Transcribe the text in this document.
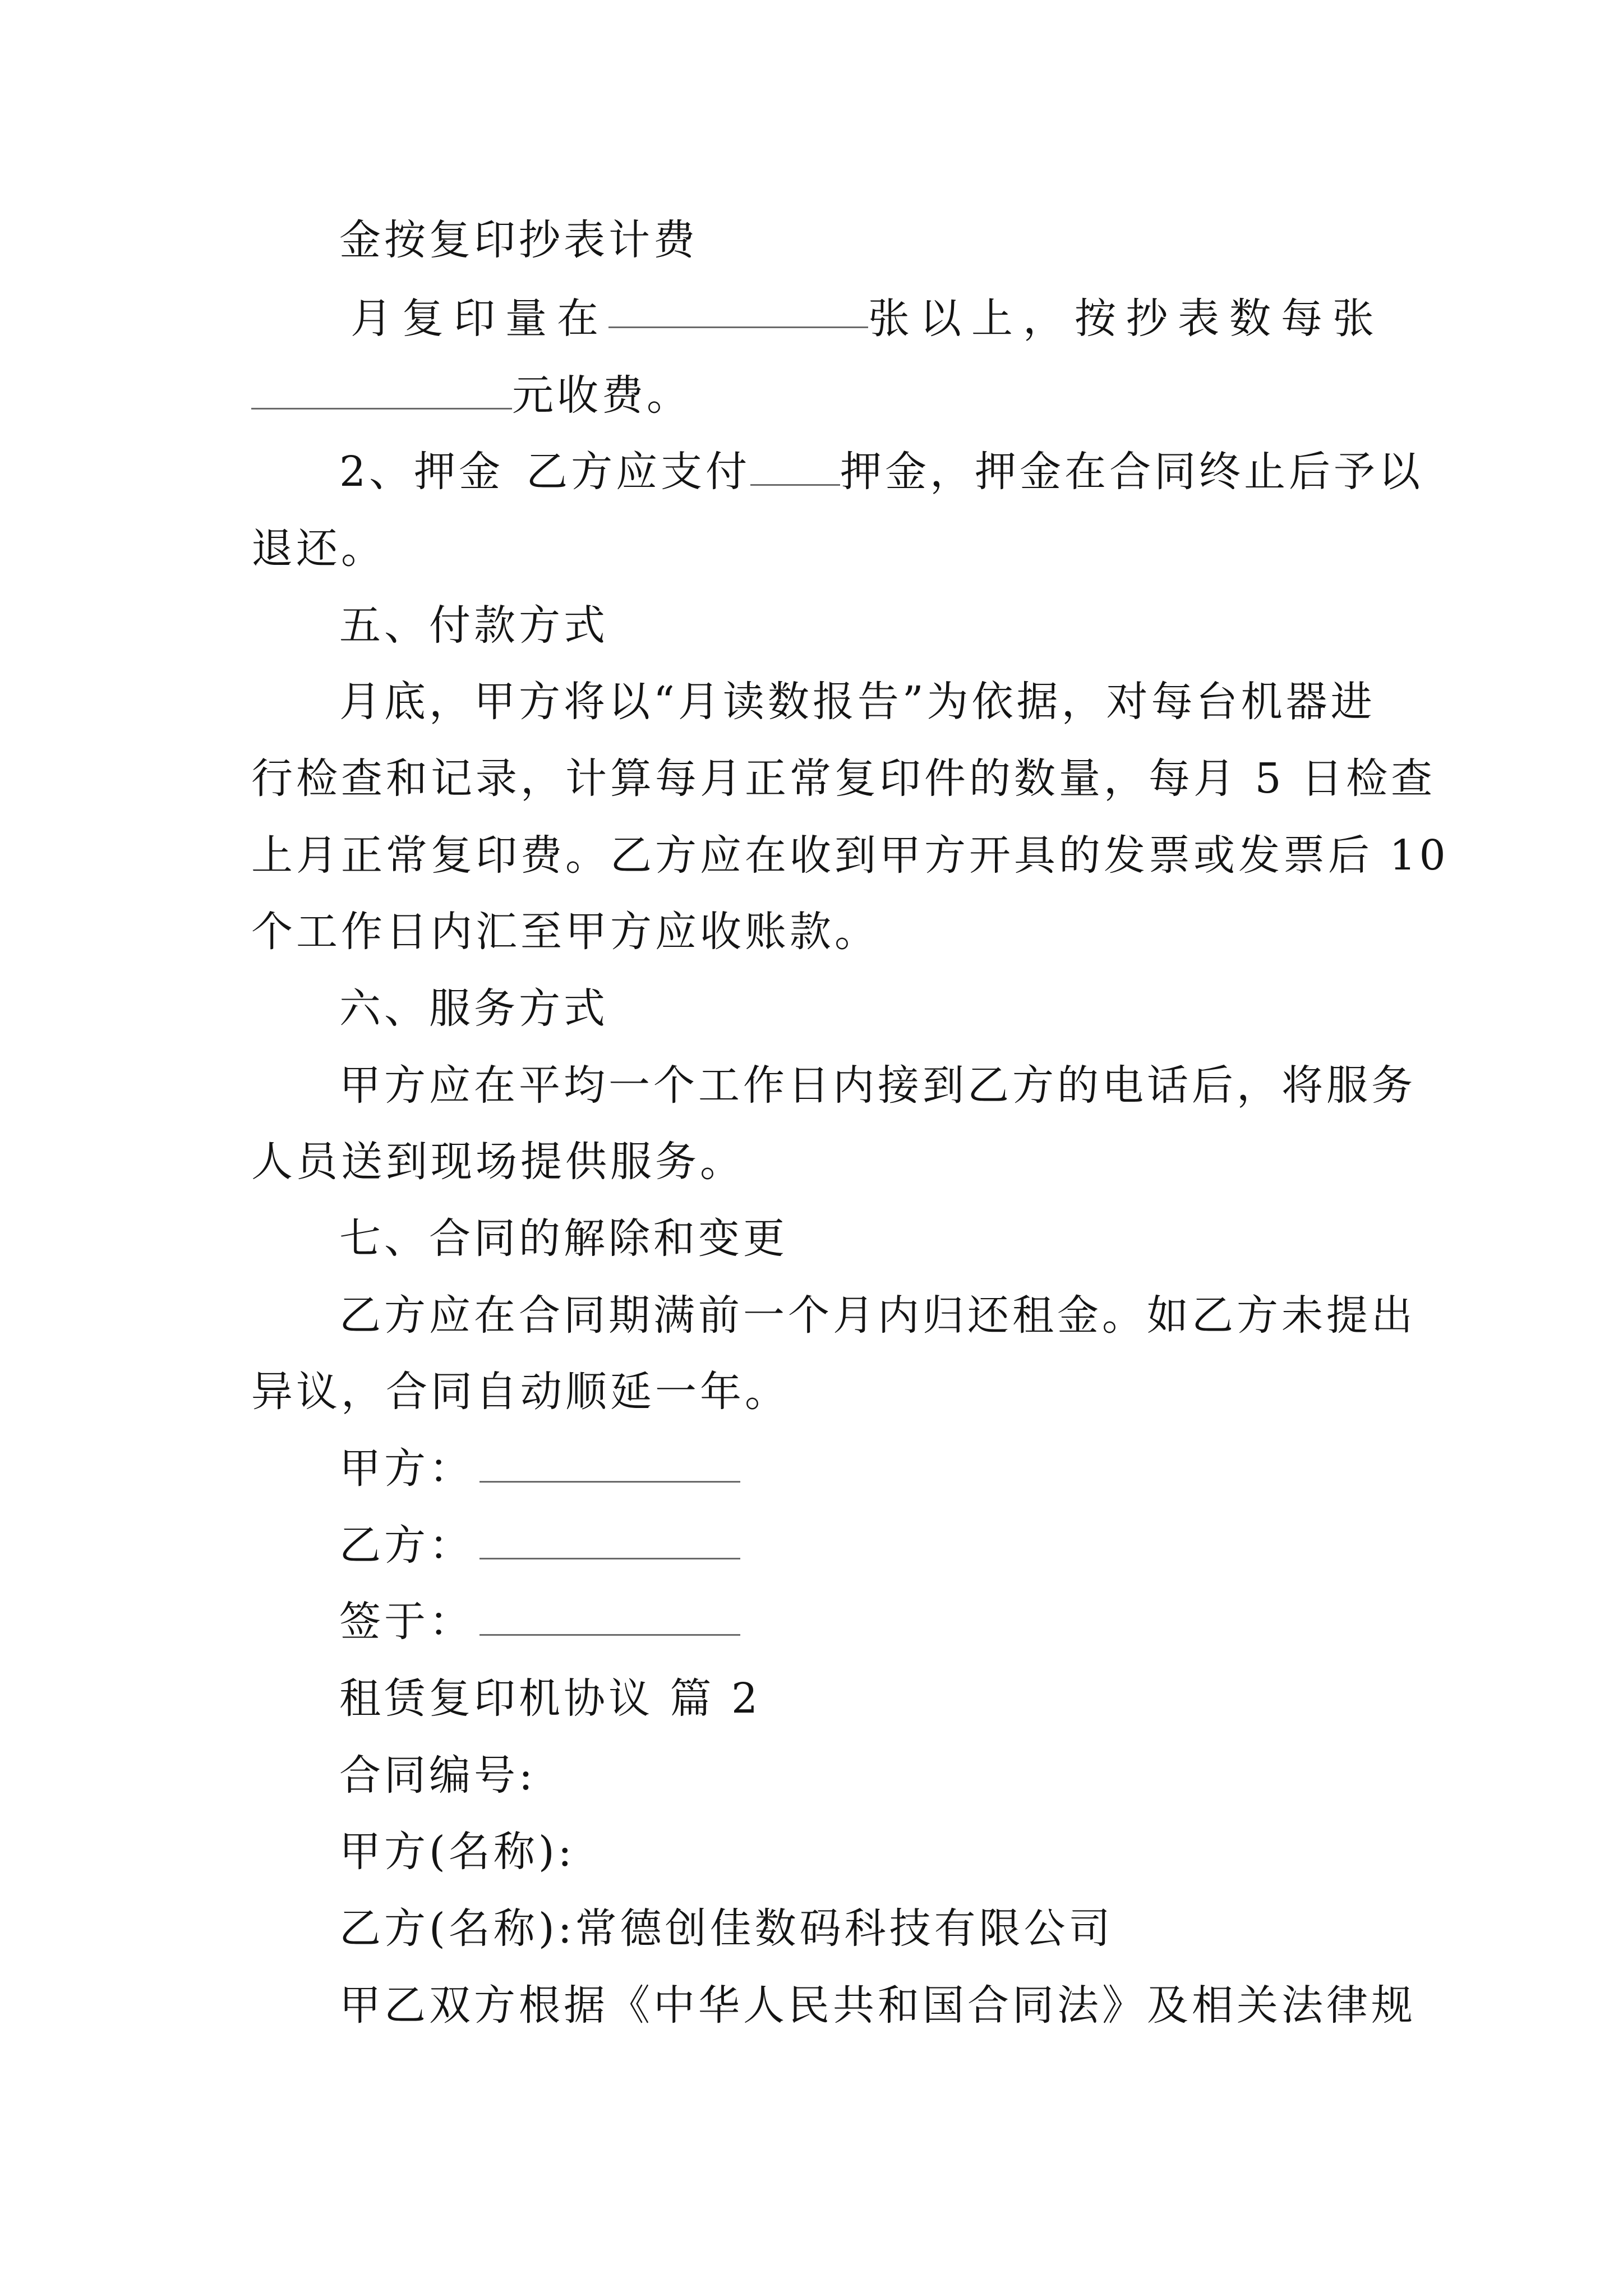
金按复印抄表计费
月复印量在	张以上，按抄表数每张
元收费。
2、押金 乙方应支付 押金，押金在合同终止后予以
退还。
五、付款方式
月底，甲方将以“月读数报告”为依据，对每台机器进
行检查和记录，计算每月正常复印件的数量，每月 5 日检查
上月正常复印费。乙方应在收到甲方开具的发票或发票后 10
个工作日内汇至甲方应收账款。
六、服务方式
甲方应在平均一个工作日内接到乙方的电话后，将服务
人员送到现场提供服务。
七、合同的解除和变更
乙方应在合同期满前一个月内归还租金。如乙方未提出
异议，合同自动顺延一年。
甲方：
乙方：
签于：
租赁复印机协议 篇 2
合同编号:
甲方(名称):
乙方(名称):常德创佳数码科技有限公司
甲乙双方根据《中华人民共和国合同法》及相关法律规
